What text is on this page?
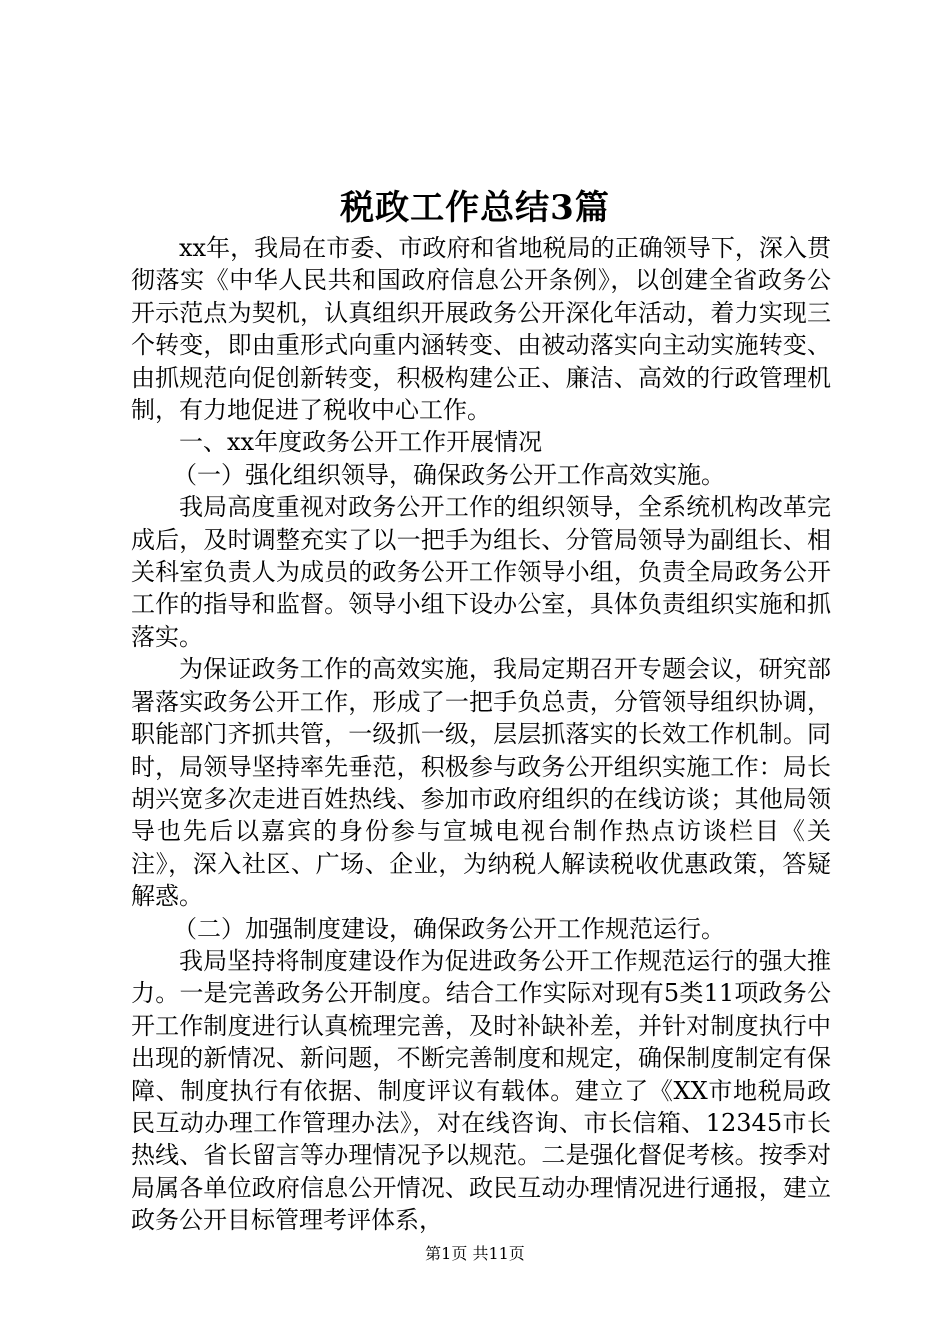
税政工作总结3篇

xx年，我局在市委、市政府和省地税局的正确领导下，深入贯彻落实《中华人民共和国政府信息公开条例》，以创建全省政务公开示范点为契机，认真组织开展政务公开深化年活动，着力实现三个转变，即由重形式向重内涵转变、由被动落实向主动实施转变、由抓规范向促创新转变，积极构建公正、廉洁、高效的行政管理机制，有力地促进了税收中心工作。

一、xx年度政务公开工作开展情况

（一）强化组织领导，确保政务公开工作高效实施。

我局高度重视对政务公开工作的组织领导，全系统机构改革完成后，及时调整充实了以一把手为组长、分管局领导为副组长、相关科室负责人为成员的政务公开工作领导小组，负责全局政务公开工作的指导和监督。领导小组下设办公室，具体负责组织实施和抓落实。

为保证政务工作的高效实施，我局定期召开专题会议，研究部署落实政务公开工作，形成了一把手负总责，分管领导组织协调，职能部门齐抓共管，一级抓一级，层层抓落实的长效工作机制。同时，局领导坚持率先垂范，积极参与政务公开组织实施工作：局长胡兴宽多次走进百姓热线、参加市政府组织的在线访谈；其他局领导也先后以嘉宾的身份参与宣城电视台制作热点访谈栏目《关注》，深入社区、广场、企业，为纳税人解读税收优惠政策，答疑解惑。

（二）加强制度建设，确保政务公开工作规范运行。

我局坚持将制度建设作为促进政务公开工作规范运行的强大推力。一是完善政务公开制度。结合工作实际对现有5类11项政务公开工作制度进行认真梳理完善，及时补缺补差，并针对制度执行中出现的新情况、新问题，不断完善制度和规定，确保制度制定有保障、制度执行有依据、制度评议有载体。建立了《XX市地税局政民互动办理工作管理办法》，对在线咨询、市长信箱、12345市长热线、省长留言等办理情况予以规范。二是强化督促考核。按季对局属各单位政府信息公开情况、政民互动办理情况进行通报，建立政务公开目标管理考评体系，

第1页 共11页
